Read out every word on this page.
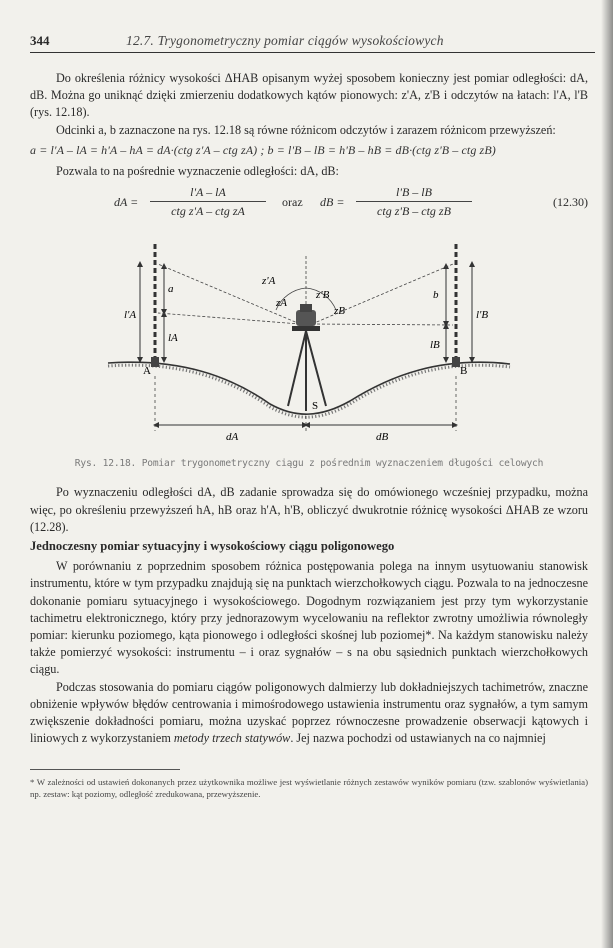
344	12.7. Trygonometryczny pomiar ciągów wysokościowych

Do określenia różnicy wysokości ΔHAB opisanym wyżej sposobem konieczny jest pomiar odległości: dA, dB. Można go uniknąć dzięki zmierzeniu dodatkowych kątów pionowych: z'A, z'B i odczytów na łatach: l'A, l'B (rys. 12.18).

Odcinki a, b zaznaczone na rys. 12.18 są równe różnicom odczytów i zarazem różnicom przewyższeń:

a = l'A – lA = h'A – hA = dA·(ctg z'A – ctg zA) ; b = l'B – lB = h'B – hB = dB·(ctg z'B – ctg zB)

Pozwala to na pośrednie wyznaczenie odległości: dA, dB:

dA =
l'A – lA
ctg z'A – ctg zA
oraz dB =
l'B – lB
ctg z'B – ctg zB
(12.30)
l'A
a
lA
b
lB
l'B
z'A
zA
z'B
zB
S
A	B
dA	dB

Rys. 12.18. Pomiar trygonometryczny ciągu z pośrednim wyznaczeniem długości celowych

Po wyznaczeniu odległości dA, dB zadanie sprowadza się do omówionego wcześniej przypadku, można więc, po określeniu przewyższeń hA, hB oraz h'A, h'B, obliczyć dwukrotnie różnicę wysokości ΔHAB ze wzoru (12.28).

Jednoczesny pomiar sytuacyjny i wysokościowy ciągu poligonowego

W porównaniu z poprzednim sposobem różnica postępowania polega na innym usytuowaniu stanowisk instrumentu, które w tym przypadku znajdują się na punktach wierzchołkowych ciągu. Pozwala to na jednoczesne dokonanie pomiaru sytuacyjnego i wysokościowego. Dogodnym rozwiązaniem jest przy tym wykorzystanie tachimetru elektronicznego, który przy jednorazowym wycelowaniu na reflektor zwrotny umożliwia równoległy pomiar: kierunku poziomego, kąta pionowego i odległości skośnej lub poziomej*. Na każdym stanowisku należy także pomierzyć wysokości: instrumentu – i oraz sygnałów – s na obu sąsiednich punktach wierzchołkowych ciągu.

Podczas stosowania do pomiaru ciągów poligonowych dalmierzy lub dokładniejszych tachimetrów, znaczne obniżenie wpływów błędów centrowania i mimośrodowego ustawienia instrumentu oraz sygnałów, a tym samym zwiększenie dokładności pomiaru, można uzyskać poprzez równoczesne prowadzenie obserwacji kątowych i liniowych z wykorzystaniem metody trzech statywów. Jej nazwa pochodzi od ustawianych na co najmniej

* W zależności od ustawień dokonanych przez użytkownika możliwe jest wyświetlanie różnych zestawów wyników pomiaru (tzw. szablonów wyświetlania) np. zestaw: kąt poziomy, odległość zredukowana, przewyższenie.
